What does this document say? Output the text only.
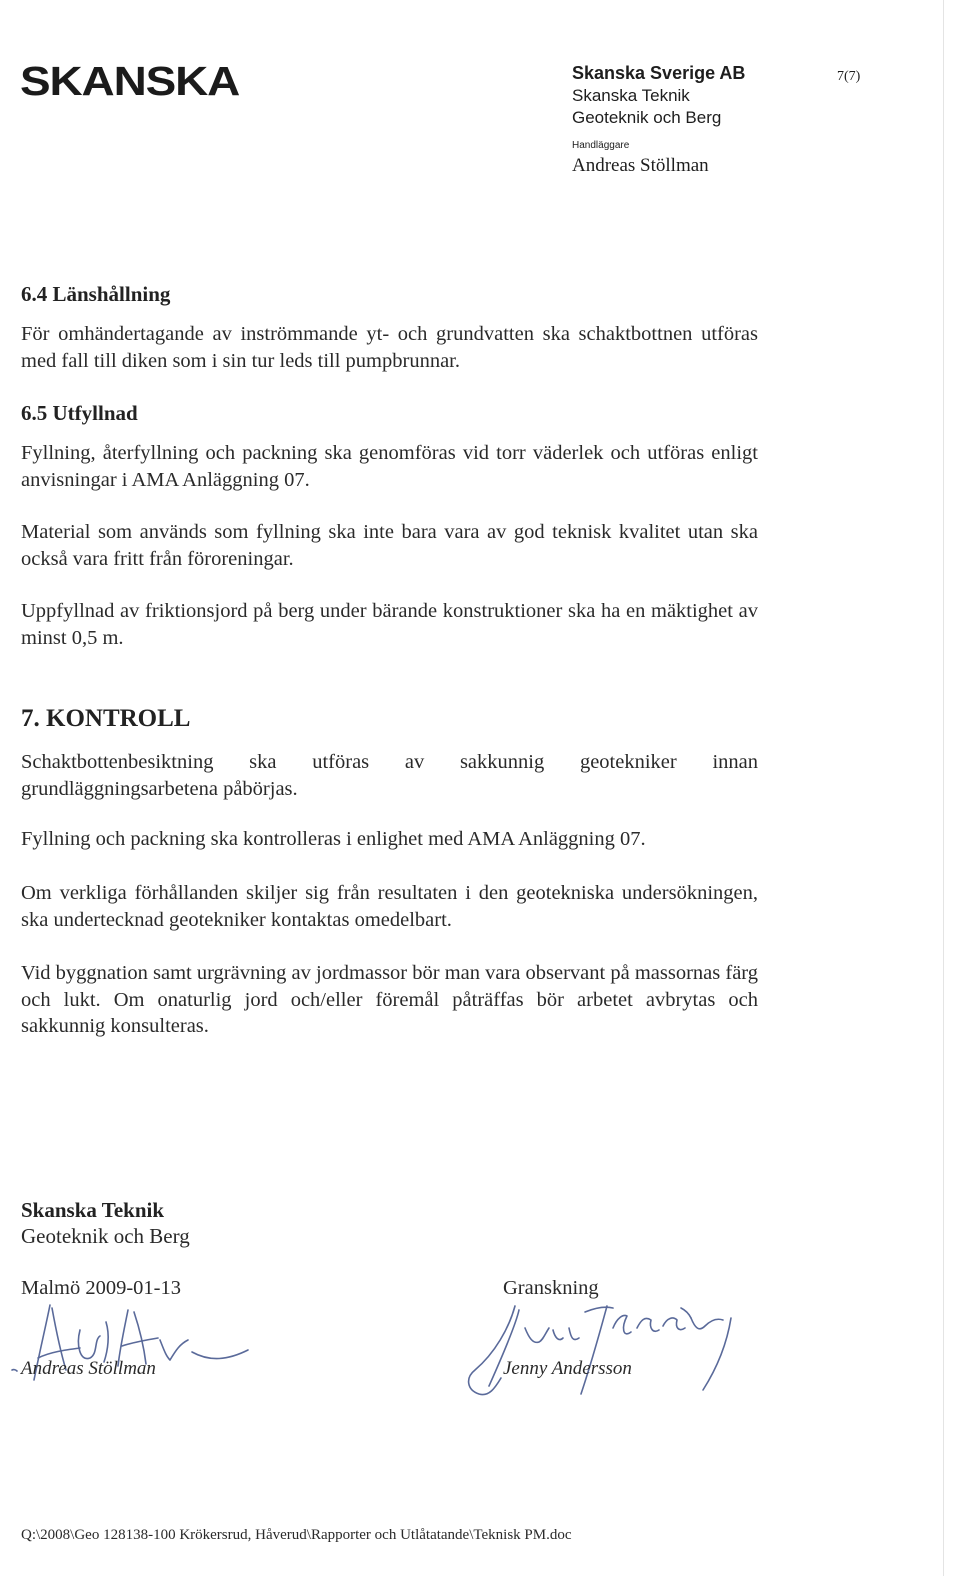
SKANSKA	Skanska Sverige AB
Skanska Teknik
Geoteknik och Berg
Handläggare
Andreas Stöllman
7(7)
6.4 Länshållning
För omhändertagande av inströmmande yt- och grundvatten ska schaktbottnen utföras med fall till diken som i sin tur leds till pumpbrunnar.
6.5 Utfyllnad
Fyllning, återfyllning och packning ska genomföras vid torr väderlek och utföras enligt anvisningar i AMA Anläggning 07.
Material som används som fyllning ska inte bara vara av god teknisk kvalitet utan ska också vara fritt från föroreningar.
Uppfyllnad av friktionsjord på berg under bärande konstruktioner ska ha en mäktighet av minst 0,5 m.
7. KONTROLL
Schaktbottenbesiktning ska utföras av sakkunnig geotekniker innan grundläggningsarbetena påbörjas.
Fyllning och packning ska kontrolleras i enlighet med AMA Anläggning 07.
Om verkliga förhållanden skiljer sig från resultaten i den geotekniska undersökningen, ska undertecknad geotekniker kontaktas omedelbart.
Vid byggnation samt urgrävning av jordmassor bör man vara observant på massornas färg och lukt. Om onaturlig jord och/eller föremål påträffas bör arbetet avbrytas och sakkunnig konsulteras.
Skanska Teknik
Geoteknik och Berg
Malmö 2009-01-13	Granskning
Andreas Stöllman	Jenny Andersson
Q:\2008\Geo 128138-100 Krökersrud, Håverud\Rapporter och Utlåtatande\Teknisk PM.doc
